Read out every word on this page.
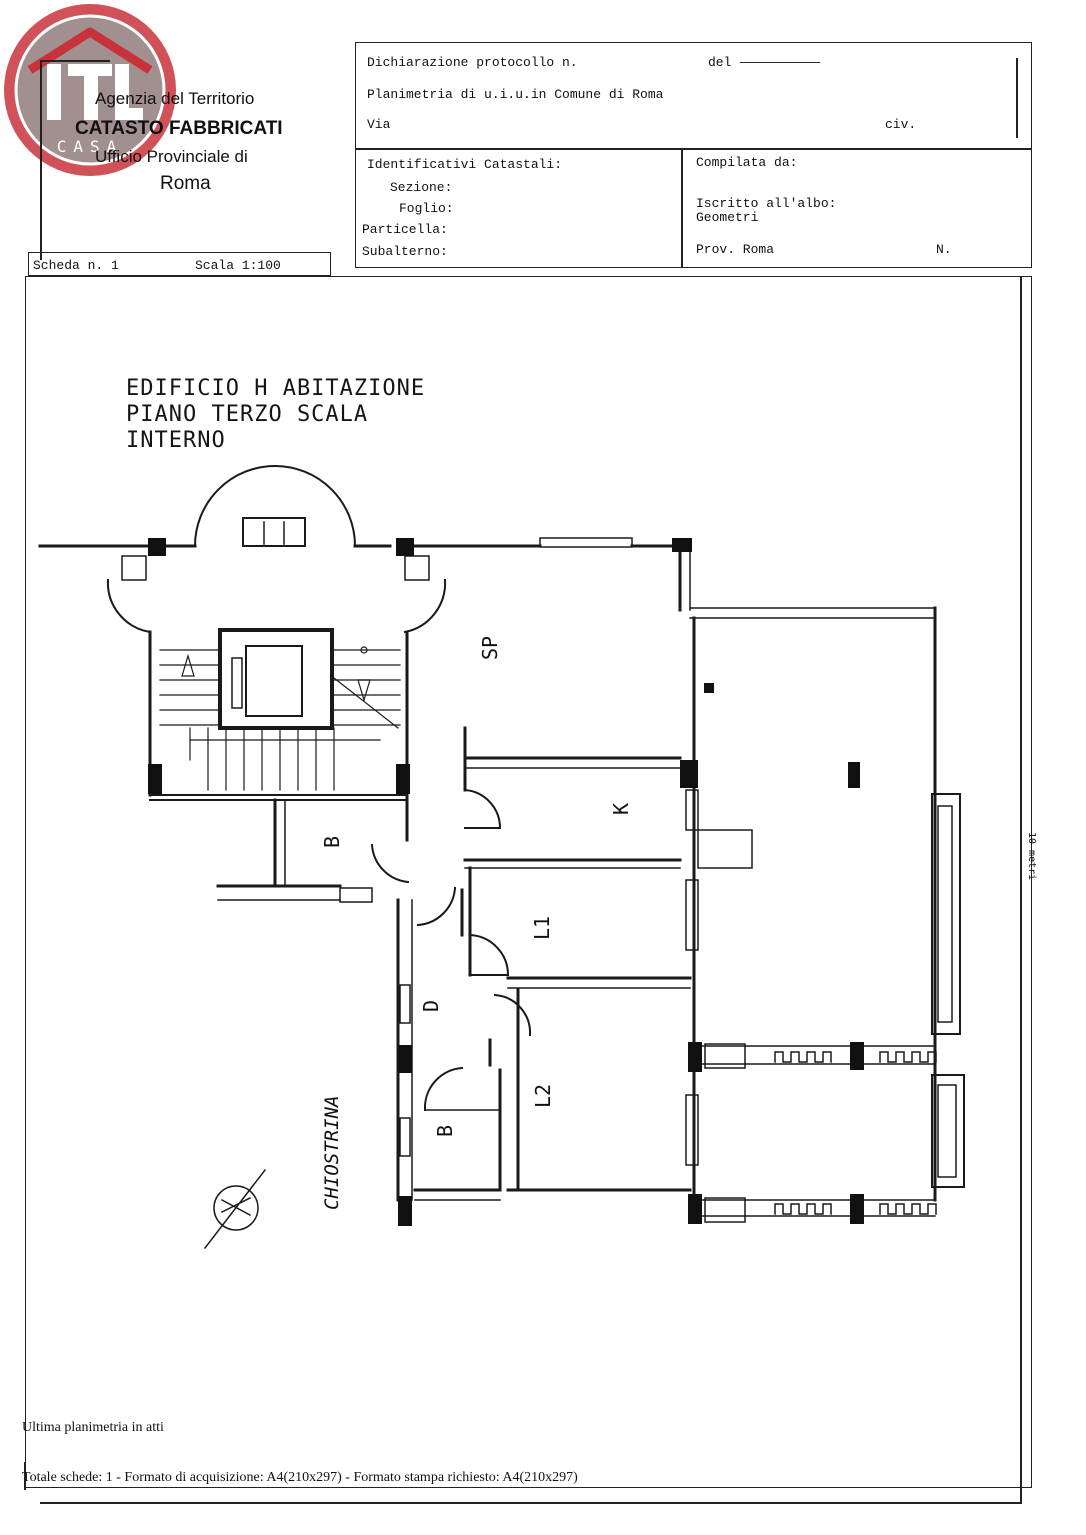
CASA
Agenzia del Territorio
CATASTO FABBRICATI
Ufficio Provinciale di
Roma
Dichiarazione protocollo n.	del
Planimetria di u.i.u.in Comune di Roma
Via	civ.
Identificativi Catastali:
Sezione:
Foglio:
Particella:
Subalterno:
Compilata da:
Iscritto all'albo:
Geometri
Prov. Roma	N.
Scheda n. 1	Scala 1:100
EDIFICIO H ABITAZIONE
PIANO TERZO SCALA
INTERNO
SP
K
B
L1
D
L2
B
CHIOSTRINA
10 metri
Ultima planimetria in atti
Totale schede: 1 - Formato di acquisizione: A4(210x297) - Formato stampa richiesto: A4(210x297)
